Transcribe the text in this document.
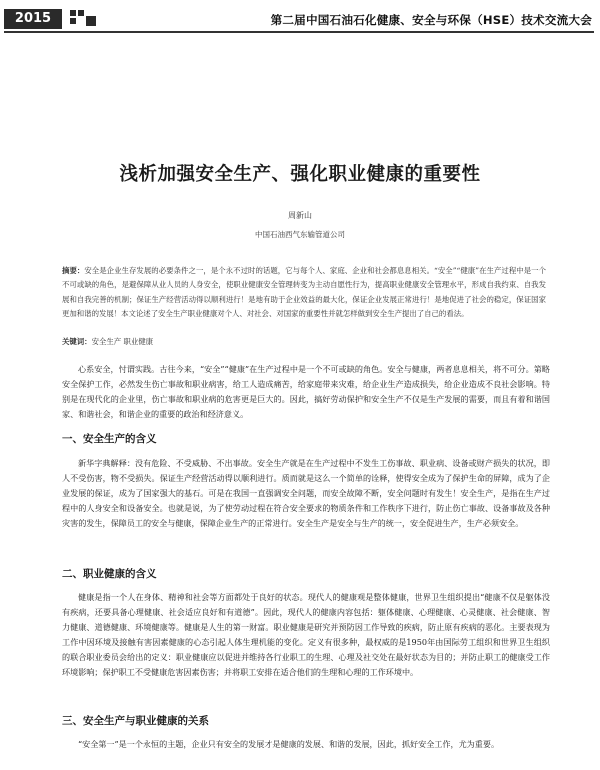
2015	第二届中国石油石化健康、安全与环保（HSE）技术交流大会
浅析加强安全生产、强化职业健康的重要性
周新山
中国石油西气东输管道公司
摘要：安全是企业生存发展的必要条件之一，是个永不过时的话题，它与每个人、家庭、企业和社会都息息相关。“安全”“健康”在生产过程中是一个不可或缺的角色，是避保障从业人员的人身安全，使职业健康安全管理转变为主动自愿性行为，提高职业健康安全管理水平，形成自我约束、自我发展和自我完善的机制；保证生产经营活动得以顺利进行！是地有助于企业效益的最大化，保证企业发展正常进行！是地促进了社会的稳定，保证国家更加和谐的发展！本文论述了安全生产职业健康对个人、对社会、对国家的重要性并就怎样做到安全生产提出了自己的看法。
关键词：安全生产 职业健康

心系安全，忖谓实践。古往今来，“安全”“健康”在生产过程中是一个不可或缺的角色。安全与健康，两者息息相关，将不可分。第略安全保护工作，必然发生伤亡事故和职业病害，给工人造成痛苦，给家庭带来灾难，给企业生产造成损失，给企业造成不良社会影响。特别是在现代化的企业里，伤亡事故和职业病的危害更是巨大的。因此，搞好劳动保护和安全生产不仅是生产发展的需要，而且有着和谐国家、和谐社会，和谐企业的重要的政治和经济意义。

一、安全生产的含义

新华字典解释：没有危险、不受威胁、不出事故。安全生产就是在生产过程中不发生工伤事故、职业病、设备或财产损失的状况，即人不受伤害，物不受损失。保证生产经营活动得以顺利进行。质而就是这么一个简单的诠释，使得安全成为了保护生命的屏障，成为了企业发展的保证，成为了国家强大的基石。可是在我国一直强调安全问题，而安全故障不断，安全问题时有发生！安全生产，是指在生产过程中的人身安全和设备安全。也就是说，为了使劳动过程在符合安全要求的物质条件和工作秩序下进行，防止伤亡事故、设备事故及各种灾害的发生，保障员工的安全与健康，保障企业生产的正常进行。安全生产是安全与生产的统一，安全促进生产，生产必须安全。

二、职业健康的含义

健康是指一个人在身体、精神和社会等方面都处于良好的状态。现代人的健康观是整体健康，世界卫生组织提出“健康不仅是躯体没有疾病，还要具备心理健康、社会适应良好和有道德”。因此，现代人的健康内容包括：躯体健康、心理健康、心灵健康、社会健康、智力健康、道德健康、环境健康等。健康是人生的第一财富。职业健康是研究并预防因工作导致的疾病，防止原有疾病的恶化。主要表现为工作中因环境及接触有害因素健康的心态引起人体生理机能的变化。定义有很多种，最权威的是1950年由国际劳工组织和世界卫生组织的联合职业委员会给出的定义：职业健康应以促进并维持各行业职工的生理、心理及社交处在最好状态为目的；并防止职工的健康受工作环境影响；保护职工不受健康危害因素伤害；并将职工安排在适合他们的生理和心理的工作环境中。

三、安全生产与职业健康的关系

“安全第一”是一个永恒的主题，企业只有安全的发展才是健康的发展、和谐的发展，因此，抓好安全工作，尤为重要。
